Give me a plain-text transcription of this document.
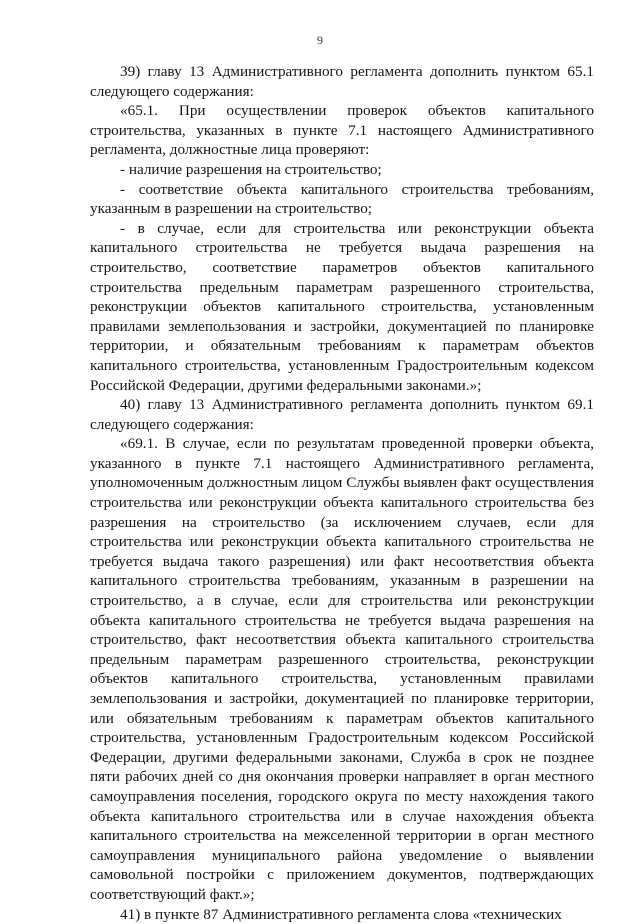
9

39) главу 13 Административного регламента дополнить пунктом 65.1 следующего содержания:

«65.1. При осуществлении проверок объектов капитального строительства, указанных в пункте 7.1 настоящего Административного регламента, должностные лица проверяют:

- наличие разрешения на строительство;

- соответствие объекта капитального строительства требованиям, указанным в разрешении на строительство;

- в случае, если для строительства или реконструкции объекта капитального строительства не требуется выдача разрешения на строительство, соответствие параметров объектов капитального строительства предельным параметрам разрешенного строительства, реконструкции объектов капитального строительства, установленным правилами землепользования и застройки, документацией по планировке территории, и обязательным требованиям к параметрам объектов капитального строительства, установленным Градостроительным кодексом Российской Федерации, другими федеральными законами.»;

40) главу 13 Административного регламента дополнить пунктом 69.1 следующего содержания:

«69.1. В случае, если по результатам проведенной проверки объекта, указанного в пункте 7.1 настоящего Административного регламента, уполномоченным должностным лицом Службы выявлен факт осуществления строительства или реконструкции объекта капитального строительства без разрешения на строительство (за исключением случаев, если для строительства или реконструкции объекта капитального строительства не требуется выдача такого разрешения) или факт несоответствия объекта капитального строительства требованиям, указанным в разрешении на строительство, а в случае, если для строительства или реконструкции объекта капитального строительства не требуется выдача разрешения на строительство, факт несоответствия объекта капитального строительства предельным параметрам разрешенного строительства, реконструкции объектов капитального строительства, установленным правилами землепользования и застройки, документацией по планировке территории, или обязательным требованиям к параметрам объектов капитального строительства, установленным Градостроительным кодексом Российской Федерации, другими федеральными законами, Служба в срок не позднее пяти рабочих дней со дня окончания проверки направляет в орган местного самоуправления поселения, городского округа по месту нахождения такого объекта капитального строительства или в случае нахождения объекта капитального строительства на межселенной территории в орган местного самоуправления муниципального района уведомление о выявлении самовольной постройки с приложением документов, подтверждающих соответствующий факт.»;

41) в пункте 87 Административного регламента слова «технических
